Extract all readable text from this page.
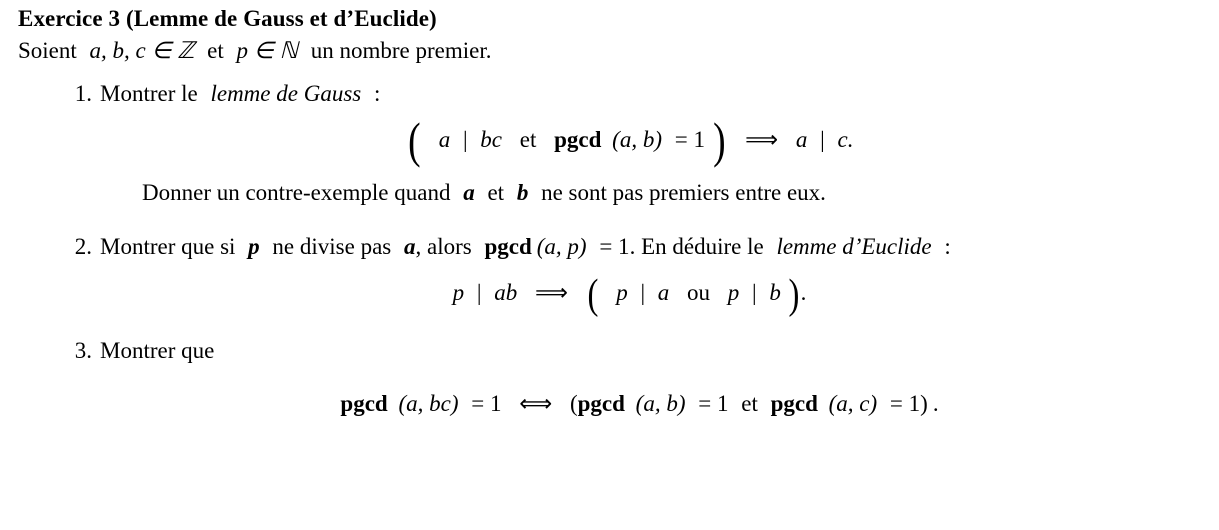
Exercice 3 (Lemme de Gauss et d’Euclide)
Soient a, b, c ∈ ℤ et p ∈ ℕ un nombre premier.
1. Montrer le lemme de Gauss :
( a | bc et pgcd (a, b) = 1 ) ⟹ a | c.
Donner un contre-exemple quand a et b ne sont pas premiers entre eux.
2. Montrer que si p ne divise pas a, alors pgcd (a, p) = 1. En déduire le lemme d’Euclide :
p | ab ⟹ ( p | a ou p | b ).
3. Montrer que
pgcd (a, bc) = 1 ⟺ (pgcd (a, b) = 1 et pgcd (a, c) = 1) .
